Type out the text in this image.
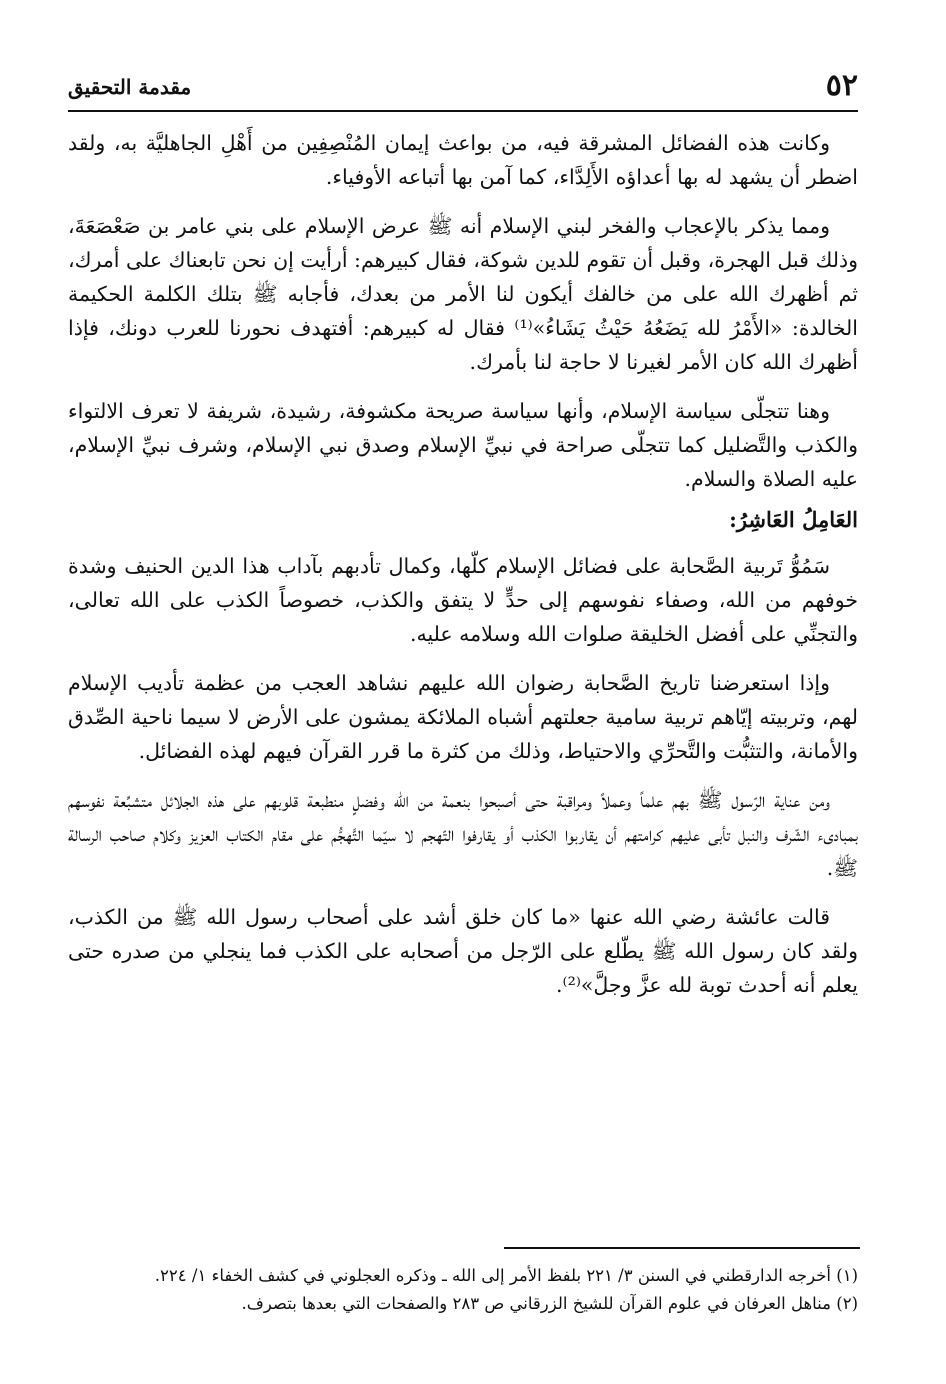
٥٢
مقدمة التحقيق

وكانت هذه الفضائل المشرقة فيه، من بواعث إيمان المُنْصِفِين من أَهْلِ الجاهليَّة به، ولقد اضطر أن يشهد له بها أعداؤه الأَلِدَّاء، كما آمن بها أتباعه الأوفياء.

ومما يذكر بالإعجاب والفخر لبني الإسلام أنه ﷺ عرض الإسلام على بني عامر بن صَعْصَعَةَ، وذلك قبل الهجرة، وقبل أن تقوم للدين شوكة، فقال كبيرهم: أرأيت إن نحن تابعناك على أمرك، ثم أظهرك الله على من خالفك أيكون لنا الأمر من بعدك، فأجابه ﷺ بتلك الكلمة الحكيمة الخالدة: «الأَمْرُ لله يَضَعُهُ حَيْثُ يَشَاءُ»⁽¹⁾ فقال له كبيرهم: أفتهدف نحورنا للعرب دونك، فإذا أظهرك الله كان الأمر لغيرنا لا حاجة لنا بأمرك.

وهنا تتجلّى سياسة الإسلام، وأنها سياسة صريحة مكشوفة، رشيدة، شريفة لا تعرف الالتواء والكذب والتَّضليل كما تتجلّى صراحة في نبيِّ الإسلام وصدق نبي الإسلام، وشرف نبيِّ الإسلام، عليه الصلاة والسلام.

العَامِلُ العَاشِرُ:

سَمُوُّ تَربية الصَّحابة على فضائل الإسلام كلّها، وكمال تأدبهم بآداب هذا الدين الحنيف وشدة خوفهم من الله، وصفاء نفوسهم إلى حدٍّ لا يتفق والكذب، خصوصاً الكذب على الله تعالى، والتجنِّي على أفضل الخليقة صلوات الله وسلامه عليه.

وإذا استعرضنا تاريخ الصَّحابة رضوان الله عليهم نشاهد العجب من عظمة تأديب الإسلام لهم، وتربيته إيّاهم تربية سامية جعلتهم أشباه الملائكة يمشون على الأرض لا سيما ناحية الصِّدق والأمانة، والتثبُّت والتَّحرِّي والاحتياط، وذلك من كثرة ما قرر القرآن فيهم لهذه الفضائل.

ومن عناية الرّسول ﷺ بهم علماً وعملاً ومراقبة حتى أصبحوا بنعمة من الله وفضلٍ منطبعة قلوبهم على هذه الجلائل متشبِّعة نفوسهم بمبادىء الشّرف والنبل تأبى عليهم كرامتهم أن يقاربوا الكذب أو يقارفوا التّهجم لا سيّما التَّهجُّم على مقام الكتاب العزيز وكلام صاحب الرسالة ﷺ.

قالت عائشة رضي الله عنها «ما كان خلق أشد على أصحاب رسول الله ﷺ من الكذب، ولقد كان رسول الله ﷺ يطّلع على الرّجل من أصحابه على الكذب فما ينجلي من صدره حتى يعلم أنه أحدث توبة لله عزَّ وجلَّ»⁽²⁾.

(١) أخرجه الدارقطني في السنن ٣/ ٢٢١ بلفظ الأمر إلى الله ـ وذكره العجلوني في كشف الخفاء ١/ ٢٢٤.

(٢) مناهل العرفان في علوم القرآن للشيخ الزرقاني ص ٢٨٣ والصفحات التي بعدها بتصرف.
